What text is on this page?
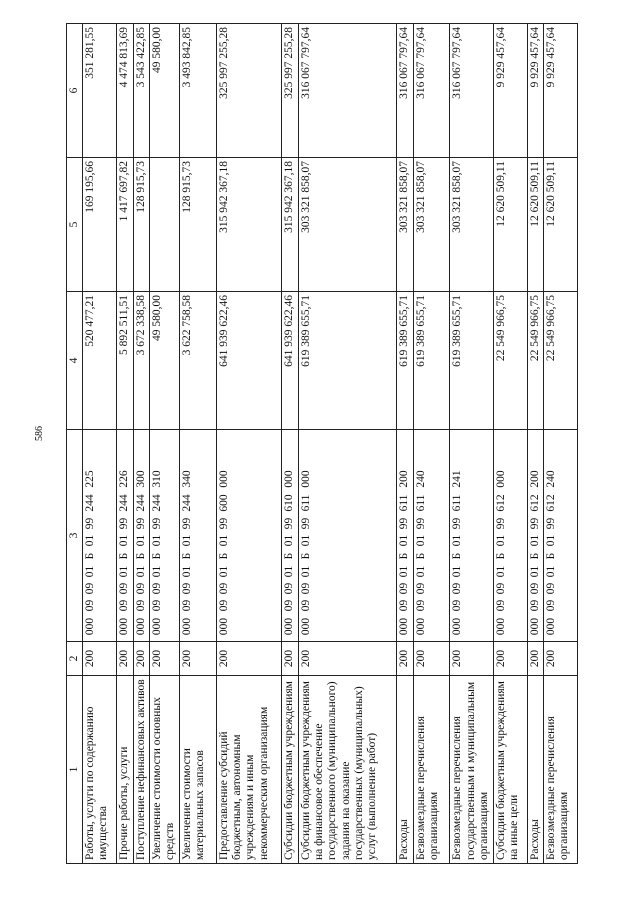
586
1	2	3	4	5	6
Работы, услуги по содержанию имущества	200	000090901Б0199244225	520 477,21	169 195,66	351 281,55
Прочие работы, услуги	200	000090901Б0199244226	5 892 511,51	1 417 697,82	4 474 813,69
Поступление нефинансовых активов	200	000090901Б0199244300	3 672 338,58	128 915,73	3 543 422,85
Увеличение стоимости основных средств	200	000090901Б0199244310	49 580,00		49 580,00
Увеличение стоимости материальных запасов	200	000090901Б0199244340	3 622 758,58	128 915,73	3 493 842,85
Предоставление субсидий бюджетным, автономным учреждениям и иным некоммерческим организациям	200	000090901Б0199600000	641 939 622,46	315 942 367,18	325 997 255,28
Субсидии бюджетным учреждениям	200	000090901Б0199610000	641 939 622,46	315 942 367,18	325 997 255,28
Субсидии бюджетным учреждениям на финансовое обеспечение государственного (муниципального) задания на оказание государственных (муниципальных) услуг (выполнение работ)	200	000090901Б0199611000	619 389 655,71	303 321 858,07	316 067 797,64
Расходы	200	000090901Б0199611200	619 389 655,71	303 321 858,07	316 067 797,64
Безвозмездные перечисления организациям	200	000090901Б0199611240	619 389 655,71	303 321 858,07	316 067 797,64
Безвозмездные перечисления государственным и муниципальным организациям	200	000090901Б0199611241	619 389 655,71	303 321 858,07	316 067 797,64
Субсидии бюджетным учреждениям на иные цели	200	000090901Б0199612000	22 549 966,75	12 620 509,11	9 929 457,64
Расходы	200	000090901Б0199612200	22 549 966,75	12 620 509,11	9 929 457,64
Безвозмездные перечисления организациям	200	000090901Б0199612240	22 549 966,75	12 620 509,11	9 929 457,64
